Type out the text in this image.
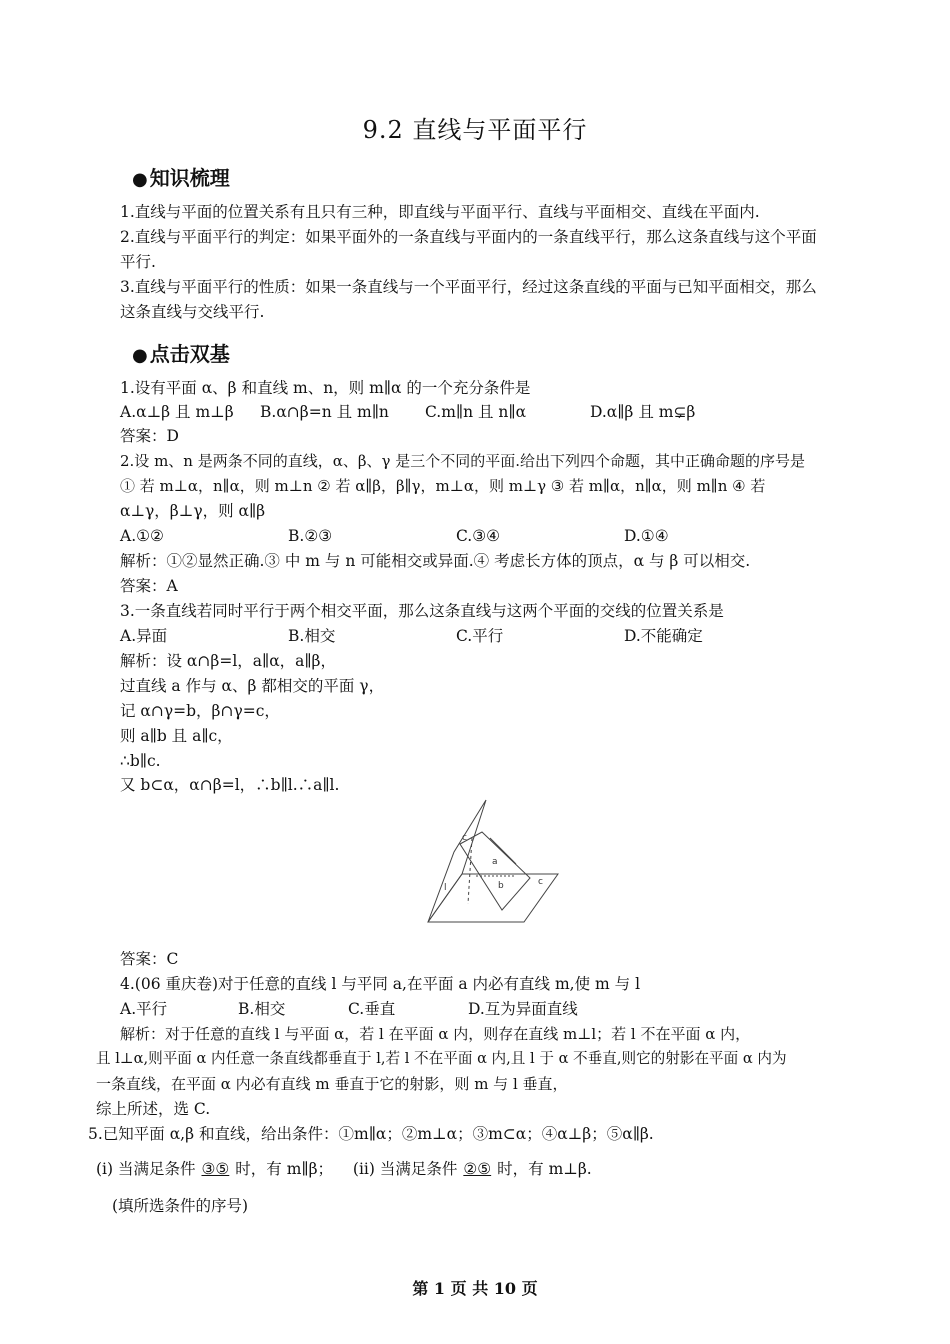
9.2 直线与平面平行
● 知识梳理
1.直线与平面的位置关系有且只有三种，即直线与平面平行、直线与平面相交、直线在平面内.
2.直线与平面平行的判定：如果平面外的一条直线与平面内的一条直线平行，那么这条直线与这个平面
平行.
3.直线与平面平行的性质：如果一条直线与一个平面平行，经过这条直线的平面与已知平面相交，那么
这条直线与交线平行.
● 点击双基
1.设有平面 α、β 和直线 m、n，则 m∥α 的一个充分条件是
A.α⊥β 且 m⊥β B.α∩β=n 且 m∥n C.m∥n 且 n∥α	D.α∥β 且 m⊊β
答案：D
2.设 m、n 是两条不同的直线，α、β、γ 是三个不同的平面.给出下列四个命题，其中正确命题的序号是
① 若 m⊥α，n∥α，则 m⊥n ② 若 α∥β，β∥γ，m⊥α，则 m⊥γ ③ 若 m∥α，n∥α，则 m∥n ④ 若
α⊥γ，β⊥γ，则 α∥β
A.①②	B.②③	C.③④	D.①④
解析：①②显然正确.③ 中 m 与 n 可能相交或异面.④ 考虑长方体的顶点，α 与 β 可以相交.
答案：A
3.一条直线若同时平行于两个相交平面，那么这条直线与这两个平面的交线的位置关系是
A.异面	B.相交	C.平行	D.不能确定
解析：设 α∩β=l，a∥α，a∥β，
过直线 a 作与 α、β 都相交的平面 γ，
记 α∩γ=b，β∩γ=c，
则 a∥b 且 a∥c，
∴b∥c.
又 b⊂α，α∩β=l，∴b∥l.∴a∥l.
c
a
b
l
c
答案：C
4.(06 重庆卷)对于任意的直线 l 与平同 a,在平面 a 内必有直线 m,使 m 与 l
A.平行	B.相交	C.垂直	D.互为异面直线
解析：对于任意的直线 l 与平面 α，若 l 在平面 α 内，则存在直线 m⊥l；若 l 不在平面 α 内，
且 l⊥α,则平面 α 内任意一条直线都垂直于 l,若 l 不在平面 α 内,且 l 于 α 不垂直,则它的射影在平面 α 内为
一条直线，在平面 α 内必有直线 m 垂直于它的射影，则 m 与 l 垂直，
综上所述，选 C.
5.已知平面 α,β 和直线，给出条件：①m∥α；②m⊥α；③m⊂α；④α⊥β；⑤α∥β.
(i) 当满足条件 ③⑤ 时，有 m∥β； (ii) 当满足条件 ②⑤ 时，有 m⊥β.
(填所选条件的序号)
第 1 页 共 10 页
